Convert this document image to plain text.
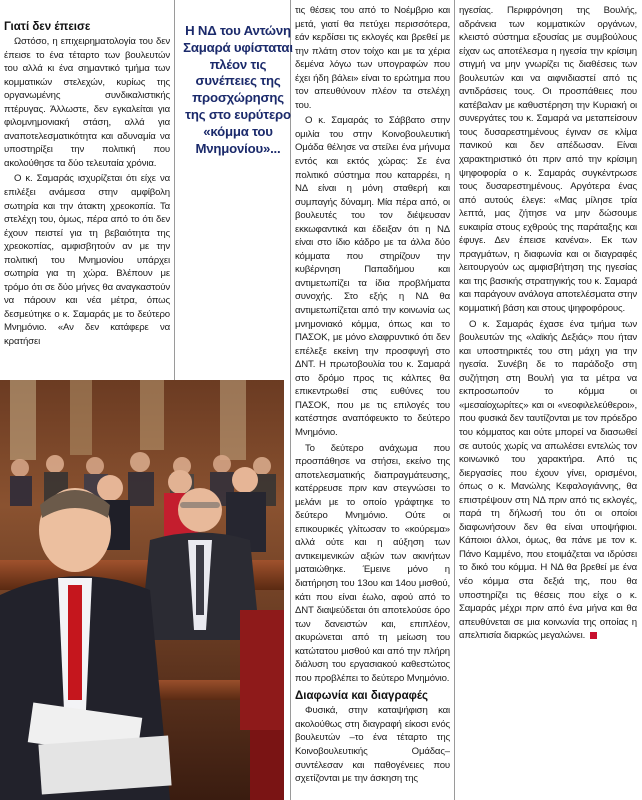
Γιατί δεν έπεισε

Ωστόσο, η επιχειρηματολογία του δεν έπεισε το ένα τέταρτο των βουλευτών του αλλά κι ένα σημαντικό τμήμα των κομματικών στελεχών, κυρίως της οργανωμένης συνδικαλιστικής πτέρυγας. Άλλωστε, δεν εγκαλείται για φιλομνημονιακή στάση, αλλά για αναποτελεσματικότητα και αδυναμία να υποστηρίξει την πολιτική που ακολούθησε τα δύο τελευταία χρόνια.

Ο κ. Σαμαράς ισχυρίζεται ότι είχε να επιλέξει ανάμεσα στην αμφίβολη σωτηρία και την άτακτη χρεοκοπία. Τα στελέχη του, όμως, πέρα από το ότι δεν έχουν πειστεί για τη βεβαιότητα της χρεοκοπίας, αμφισβητούν αν με την πολιτική του Μνημονίου υπάρχει σωτηρία για τη χώρα. Βλέπουν με τρόμο ότι σε δύο μήνες θα αναγκαστούν να πάρουν και νέα μέτρα, όπως δεσμεύτηκε ο κ. Σαμαράς με το δεύτερο Μνημόνιο. «Αν δεν κατάφερε να κρατήσει

Η ΝΔ του Αντώνη Σαμαρά υφίσταται πλέον τις συνέπειες της προσχώρησης της στο ευρύτερο «κόμμα του Μνημονίου»...

τις θέσεις του από το Νοέμβριο και μετά, γιατί θα πετύχει περισσότερα, εάν κερδίσει τις εκλογές και βρεθεί με την πλάτη στον τοίχο και με τα χέρια δεμένα λόγω των υπογραφών που έχει ήδη βάλει» είναι το ερώτημα που τον απευθύνουν πλέον τα στελέχη του.

Ο κ. Σαμαράς το Σάββατο στην ομιλία του στην Κοινοβουλευτική Ομάδα θέλησε να στείλει ένα μήνυμα εντός και εκτός χώρας: Σε ένα πολιτικό σύστημα που καταρρέει, η ΝΔ είναι η μόνη σταθερή και συμπαγής δύναμη. Μία πέρα από, οι βουλευτές του τον διέψευσαν εκκωφαντικά και έδειξαν ότι η ΝΔ είναι στο ίδιο κάδρο με τα άλλα δύο κόμματα που στηρίζουν την κυβέρνηση Παπαδήμου και αντιμετωπίζει τα ίδια προβλήματα συνοχής. Στο εξής η ΝΔ θα αντιμετωπίζεται από την κοινωνία ως μνημονιακό κόμμα, όπως και το ΠΑΣΟΚ, με μόνο ελαφρυντικό ότι δεν επέλεξε εκείνη την προσφυγή στο ΔΝΤ. Η πρωτοβουλία του κ. Σαμαρά στο δρόμο προς τις κάλπες θα επικεντρωθεί στις ευθύνες του ΠΑΣΟΚ, που με τις επιλογές του κατέστησε αναπόφευκτο το δεύτερο Μνημόνιο.

Το δεύτερο ανάχωμα που προσπάθησε να στήσει, εκείνο της αποτελεσματικής διαπραγμάτευσης, κατέρρευσε πριν καν στεγνώσει το μελάνι με το οποίο γράφτηκε το δεύτερο Μνημόνιο. Ούτε οι επικουρικές γλίτωσαν το «κούρεμα» αλλά ούτε και η αύξηση των αντικειμενικών αξιών των ακινήτων ματαιώθηκε. Έμεινε μόνο η διατήρηση του 13ου και 14ου μισθού, κάτι που είναι έωλο, αφού από το ΔΝΤ διαψεύδεται ότι αποτελούσε όρο των δανειστών και, επιπλέον, ακυρώνεται από τη μείωση του κατώτατου μισθού και από την πλήρη διάλυση του εργασιακού καθεστώτος που προβλέπει το δεύτερο Μνημόνιο.

Διαφωνία και διαγραφές

Φυσικά, στην καταψήφιση και ακολούθως στη διαγραφή είκοσι ενός βουλευτών –το ένα τέταρτο της Κοινοβουλευτικής Ομάδας– συντέλεσαν και παθογένειες που σχετίζονται με την άσκηση της

ηγεσίας. Περιφρόνηση της Βουλής, αδράνεια των κομματικών οργάνων, κλειστό σύστημα εξουσίας με συμβούλους είχαν ως αποτέλεσμα η ηγεσία την κρίσιμη στιγμή να μην γνωρίζει τις διαθέσεις των βουλευτών και να αιφνιδιαστεί από τις αντιδράσεις τους. Οι προσπάθειες που κατέβαλαν με καθυστέρηση την Κυριακή οι συνεργάτες του κ. Σαμαρά να μεταπείσουν τους δυσαρεστημένους έγιναν σε κλίμα πανικού και δεν απέδωσαν. Είναι χαρακτηριστικό ότι πριν από την κρίσιμη ψηφοφορία ο κ. Σαμαράς συγκέντρωσε τους δυσαρεστημένους. Αργότερα ένας από αυτούς έλεγε: «Μας μίλησε τρία λεπτά, μας ζήτησε να μην δώσουμε ευκαιρία στους εχθρούς της παράταξης και έφυγε. Δεν έπεισε κανένα». Εκ των πραγμάτων, η διαφωνία και οι διαγραφές λειτουργούν ως αμφισβήτηση της ηγεσίας και της βασικής στρατηγικής του κ. Σαμαρά και παράγουν ανάλογα αποτελέσματα στην κομματική βάση και στους ψηφοφόρους.

Ο κ. Σαμαράς έχασε ένα τμήμα των βουλευτών της «λαϊκής Δεξιάς» που ήταν και υποστηρικτές του στη μάχη για την ηγεσία. Συνέβη δε το παράδοξο στη συζήτηση στη Βουλή για τα μέτρα να εκπροσωπούν το κόμμα οι «μεσαίοχωρίτες» και οι «νεοφιλελεύθεροι», που φυσικά δεν ταυτίζονται με τον πρόεδρο του κόμματος και ούτε μπορεί να διασωθεί σε αυτούς χωρίς να απωλέσει εντελώς τον κοινωνικό του χαρακτήρα. Από τις διεργασίες που έχουν γίνει, ορισμένοι, όπως ο κ. Μανώλης Κεφαλογιάννης, θα επιστρέψουν στη ΝΔ πριν από τις εκλογές, παρά τη δήλωσή του ότι οι οποίοι διαφωνήσουν δεν θα είναι υποψήφιοι. Κάποιοι άλλοι, όμως, θα πάνε με τον κ. Πάνο Καμμένο, που ετοιμάζεται να ιδρύσει το δικό του κόμμα. Η ΝΔ θα βρεθεί με ένα νέο κόμμα στα δεξιά της, που θα υποστηρίζει τις θέσεις που είχε ο κ. Σαμαράς μέχρι πριν από ένα μήνα και θα απευθύνεται σε μια κοινωνία της οποίας η απελπισία διαρκώς μεγαλώνει.
